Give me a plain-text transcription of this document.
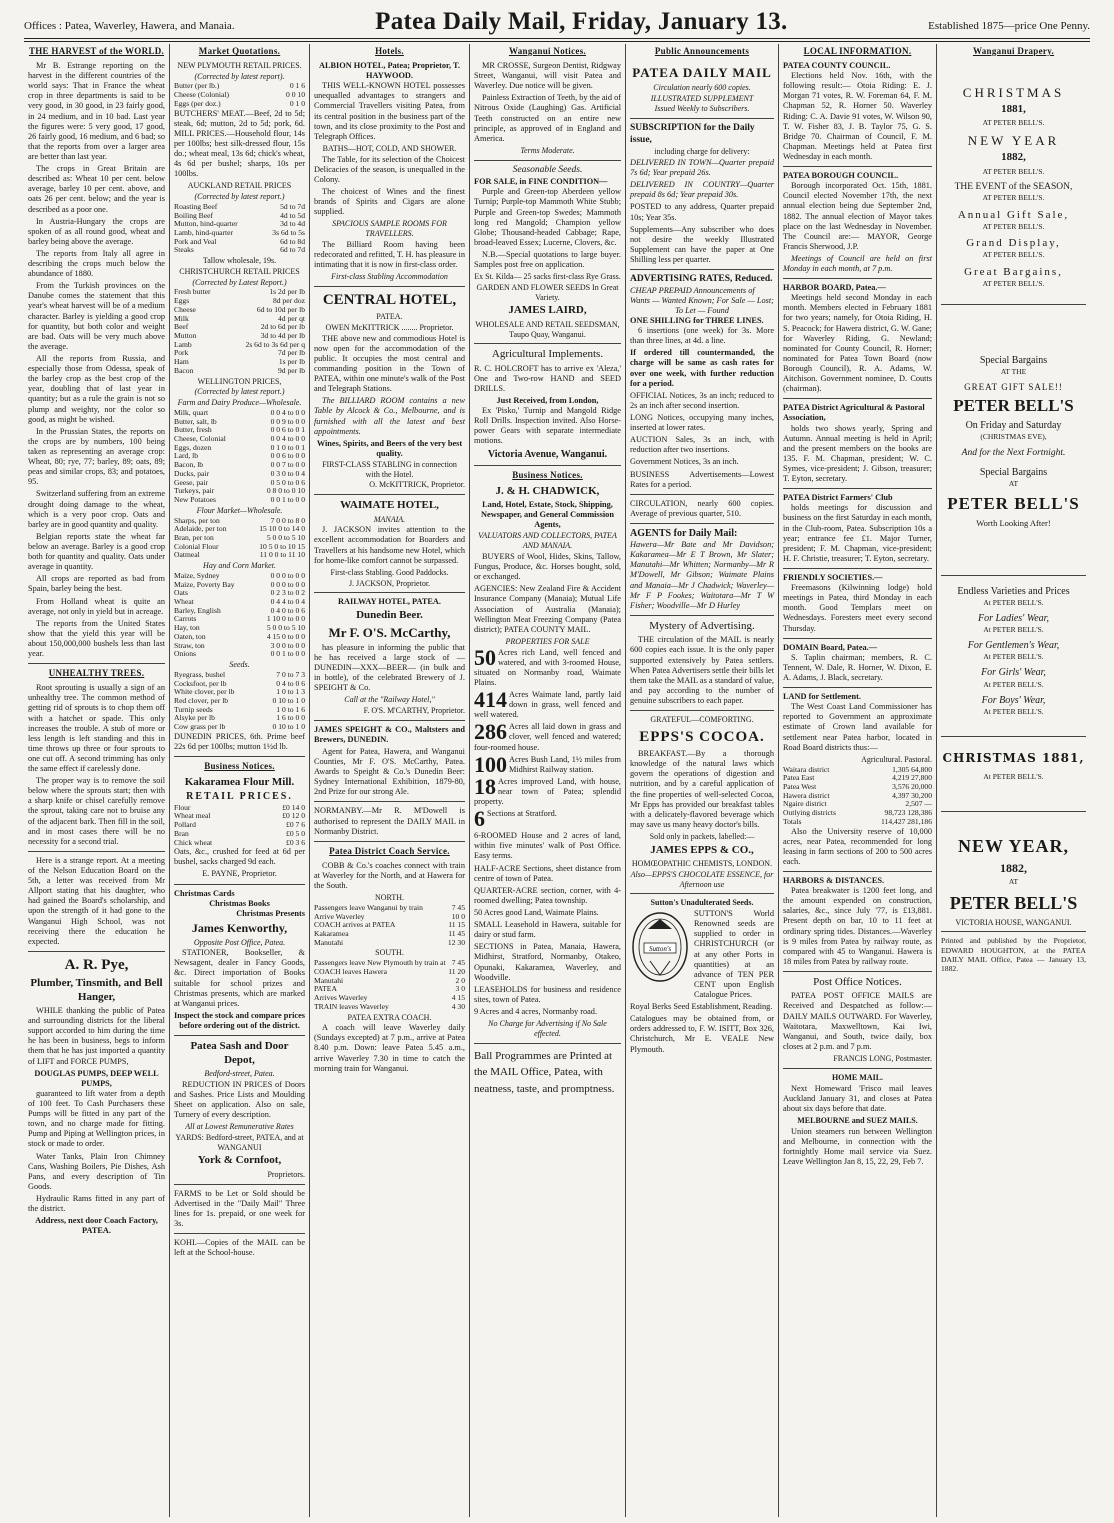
Offices : Patea, Waverley, Hawera, and Manaia.	Patea Daily Mail, Friday, January 13.	Established 1875—price One Penny.
THE HARVEST of the WORLD.

Mr B. Estrange reporting on the harvest in the different countries of the world says: That in France the wheat crop in three departments is said to be very good, in 30 good, in 23 fairly good, in 24 medium, and in 10 bad. Last year the figures were: 5 very good, 17 good, 26 fairly good, 16 medium, and 6 bad; so that the reports from over a larger area are better than last year.

The crops in Great Britain are described as: Wheat 10 per cent. below average, barley 10 per cent. above, and oats 26 per cent. below; and the year is described as a poor one.

In Austria-Hungary the crops are spoken of as all round good, wheat and barley being above the average.

The reports from Italy all agree in describing the crops much below the abundance of 1880.

From the Turkish provinces on the Danube comes the statement that this year's wheat harvest will be of a medium character. Barley is yielding a good crop for quantity, but both color and weight are bad. Oats will be very much above the average.

All the reports from Russia, and especially those from Odessa, speak of the barley crop as the best crop of the year, doubling that of last year in quantity; but as a rule the grain is not so plump and weighty, nor the color so good, as might be wished.

In the Prussian States, the reports on the crops are by numbers, 100 being taken as representing an average crop: Wheat, 80; rye, 77; barley, 89; oats, 89; peas and similar crops, 83; and potatoes, 95.

Switzerland suffering from an extreme drought doing damage to the wheat, which is a very poor crop. Oats and barley are in good quantity and quality.

Belgian reports state the wheat far below an average. Barley is a good crop both for quantity and quality. Oats under average in quantity.

All crops are reported as bad from Spain, barley being the best.

From Holland wheat is quite an average, not only in yield but in acreage.

The reports from the United States show that the yield this year will be about 150,000,000 bushels less than last year.

UNHEALTHY TREES.

Root sprouting is usually a sign of an unhealthy tree. The common method of getting rid of sprouts is to chop them off with a hatchet or spade. This only increases the trouble. A stub of more or less length is left standing and this in time throws up three or four sprouts to one cut off. A second trimming has only the same effect if carelessly done.

The proper way is to remove the soil below where the sprouts start; then with a sharp knife or chisel carefully remove the sprout, taking care not to bruise any of the adjacent bark. Then fill in the soil, and in most cases there will be no necessity for a second trial.

Here is a strange report. At a meeting of the Nelson Education Board on the 5th, a letter was received from Mr Allport stating that his daughter, who had gained the Board's scholarship, and upon the strength of it had gone to the Wanganui High School, was not receiving there the education he expected.

A. R. Pye,
Plumber, Tinsmith, and Bell Hanger,

WHILE thanking the public of Patea and surrounding districts for the liberal support accorded to him during the time he has been in business, begs to inform them that he has just imported a quantity of LIFT and FORCE PUMPS,

DOUGLAS PUMPS, DEEP WELL PUMPS,

guaranteed to lift water from a depth of 100 feet. To Cash Purchasers these Pumps will be fitted in any part of the town, and no charge made for fitting. Pump and Piping at Wellington prices, in stock or made to order.

Water Tanks, Plain Iron Chimney Cans, Washing Boilers, Pie Dishes, Ash Pans, and every description of Tin Goods.

Hydraulic Rams fitted in any part of the district.

Address, next door Coach Factory, PATEA.
Market Quotations.
NEW PLYMOUTH RETAIL PRICES.
(Corrected by latest report).
Butter (per lb.)	0 1 6
Cheese (Colonial)	0 0 10
Eggs (per doz.)	0 1 0

BUTCHERS' MEAT.—Beef, 2d to 5d; steak, 6d; mutton, 2d to 5d; pork, 6d. MILL PRICES.—Household flour, 14s per 100lbs; best silk-dressed flour, 15s do.; wheat meal, 13s 6d; chick's wheat, 4s 6d per bushel; sharps, 10s per 100lbs.

AUCKLAND RETAIL PRICES
(Corrected by latest report.)
Roasting Beef	5d to 7d
Boiling Beef	4d to 5d
Mutton, hind-quarter	3d to 4d
Lamb, hind-quarter	3s 6d to 5s
Pork and Veal	6d to 8d
Steaks	6d to 7d
Tallow wholesale, 19s.
CHRISTCHURCH RETAIL PRICES
(Corrected by Latest Report.)
Fresh butter	1s 2d per lb
Eggs	8d per doz
Cheese	6d to 10d per lb
Milk	4d per qt
Beef	2d to 6d per lb
Mutton	3d to 4d per lb
Lamb	2s 6d to 3s 6d per q
Pork	7d per lb
Ham	1s per lb
Bacon	9d per lb
WELLINGTON PRICES,
(Corrected by latest report.)
Farm and Dairy Produce—Wholesale.
Milk, quart	0 0 4 to 0 0
Butter, salt, lb	0 0 9 to 0 0
Butter, fresh	0 0 6 to 0 1
Cheese, Colonial	0 0 4 to 0 0
Eggs, dozen	0 1 0 to 0 1
Lard, lb	0 0 6 to 0 0
Bacon, lb	0 0 7 to 0 0
Ducks, pair	0 3 0 to 0 4
Geese, pair	0 5 0 to 0 6
Turkeys, pair	0 8 0 to 0 10
New Potatoes	0 0 1 to 0 0
Flour Market—Wholesale.
Sharps, per ton	7 0 0 to 8 0
Adelaide, per ton	15 10 0 to 14 0
Bran, per ton	5 0 0 to 5 10
Colonial Flour	10 5 0 to 10 15
Oatmeal	11 0 0 to 11 10
Hay and Corn Market.
Maize, Sydney	0 0 0 to 0 0
Maize, Poverty Bay	0 0 0 to 0 0
Oats	0 2 3 to 0 2
Wheat	0 4 4 to 0 4
Barley, English	0 4 0 to 0 6
Carrots	1 10 0 to 0 0
Hay, ton	5 0 0 to 5 10
Oaten, ton	4 15 0 to 0 0
Straw, ton	3 0 0 to 0 0
Onions	0 0 1 to 0 0
Seeds.
Ryegrass, bushel	7 0 to 7 3
Cocksfoot, per lb	0 4 to 0 6
White clover, per lb	1 0 to 1 3
Red clover, per lb	0 10 to 1 0
Turnip seeds	1 0 to 1 6
Alsyke per lb	1 6 to 0 0
Cow grass per lb	0 10 to 1 0

DUNEDIN PRICES, 6th. Prime beef 22s 6d per 100lbs; mutton 1½d lb.

Business Notices.
Kakaramea Flour Mill.
RETAIL PRICES.
Flour	£0 14 0
Wheat meal	£0 12 0
Pollard	£0 7 6
Bran	£0 5 0
Chick wheat	£0 3 6

Oats, &c., crushed for feed at 6d per bushel, sacks charged 9d each.

E. PAYNE, Proprietor.
Christmas Cards
Christmas Books
Christmas Presents
James Kenworthy,
Opposite Post Office, Patea.

STATIONER, Bookseller, & Newsagent, dealer in Fancy Goods, &c. Direct importation of Books suitable for school prizes and Christmas presents, which are marked at Wanganui prices.

Inspect the stock and compare prices before ordering out of the district.
Patea Sash and Door Depot,
Bedford-street, Patea.

REDUCTION IN PRICES of Doors and Sashes. Price Lists and Moulding Sheet on application. Also on sale, Turnery of every description.

All at Lowest Remunerative Rates
YARDS: Bedford-street, PATEA, and at WANGANUI
York & Cornfoot,
Proprietors.

FARMS to be Let or Sold should be Advertised in the "Daily Mail" Three lines for 1s. prepaid, or one week for 3s.

KOHI.—Copies of the MAIL can be left at the School-house.

Hotels.
ALBION HOTEL, Patea; Proprietor, T. HAYWOOD.

THIS WELL-KNOWN HOTEL possesses unequalled advantages to strangers and Commercial Travellers visiting Patea, from its central position in the business part of the town, and its close proximity to the Post and Telegraph Offices.

BATHS—HOT, COLD, AND SHOWER.

The Table, for its selection of the Choicest Delicacies of the season, is unequalled in the Colony.

The choicest of Wines and the finest brands of Spirits and Cigars are alone supplied.

SPACIOUS SAMPLE ROOMS FOR TRAVELLERS.

The Billiard Room having been redecorated and refitted, T. H. has pleasure in intimating that it is now in first-class order.

First-class Stabling Accommodation
CENTRAL HOTEL,
PATEA.
OWEN McKITTRICK ........ Proprietor.

THE above new and commodious Hotel is now open for the accommodation of the public. It occupies the most central and commanding position in the Town of PATEA, within one minute's walk of the Post and Telegraph Stations.

The BILLIARD ROOM contains a new Table by Alcock & Co., Melbourne, and is furnished with all the latest and best appointments.

Wines, Spirits, and Beers of the very best quality.
FIRST-CLASS STABLING in connection with the Hotel.
O. McKITTRICK, Proprietor.
WAIMATE HOTEL,
MANAIA.

J. JACKSON invites attention to the excellent accommodation for Boarders and Travellers at his handsome new Hotel, which for home-like comfort cannot be surpassed.

First-class Stabling. Good Paddocks.
J. JACKSON, Proprietor.
RAILWAY HOTEL, PATEA.
Dunedin Beer.
Mr F. O'S. McCarthy,

has pleasure in informing the public that he has received a large stock of —DUNEDIN—XXX—BEER— (in bulk and in bottle), of the celebrated Brewery of J. SPEIGHT & Co.

Call at the "Railway Hotel,"
F. O'S. M'CARTHY, Proprietor.

JAMES SPEIGHT & CO., Maltsters and Brewers, DUNEDIN.

Agent for Patea, Hawera, and Wanganui Counties, Mr F. O'S. McCarthy, Patea. Awards to Speight & Co.'s Dunedin Beer: Sydney International Exhibition, 1879-80, 2nd Prize for our strong Ale.

NORMANBY.—Mr R. M'Dowell is authorised to represent the DAILY MAIL in Normanby District.

Patea District Coach Service.

COBB & Co.'s coaches connect with train at Waverley for the North, and at Hawera for the South.

NORTH.
Passengers leave Wanganui by train	7 45
Arrive Waverley	10 0
COACH arrives at PATEA	11 15
Kakaramea	11 45
Manutahi	12 30
SOUTH.
Passengers leave New Plymouth by train at	7 45
COACH leaves Hawera	11 20
Manutahi	2 0
PATEA	3 0
Arrives Waverley	4 15
TRAIN leaves Waverley	4 30
PATEA EXTRA COACH.

A coach will leave Waverley daily (Sundays excepted) at 7 p.m., arrive at Patea 8.40 p.m. Down: leave Patea 5.45 a.m., arrive Waverley 7.30 in time to catch the morning train for Wanganui.

Wanganui Notices.

MR CROSSE, Surgeon Dentist, Ridgway Street, Wanganui, will visit Patea and Waverley. Due notice will be given.

Painless Extraction of Teeth, by the aid of Nitrous Oxide (Laughing) Gas. Artificial Teeth constructed on an entire new principle, as approved of in England and America.

Terms Moderate.
Seasonable Seeds.
FOR SALE, in FINE CONDITION—

Purple and Green-top Aberdeen yellow Turnip; Purple-top Mammoth White Stubb; Purple and Green-top Swedes; Mammoth long red Mangold; Champion yellow Globe; Thousand-headed Cabbage; Rape, broad-leaved Essex; Lucerne, Clovers, &c.

N.B.—Special quotations to large buyer. Samples post free on application.

Ex St. Kilda— 25 sacks first-class Rye Grass.
GARDEN AND FLOWER SEEDS In Great Variety.
JAMES LAIRD,
WHOLESALE AND RETAIL SEEDSMAN, Taupo Quay, Wanganui.
Agricultural Implements.

R. C. HOLCROFT has to arrive ex 'Aleza,' One and Two-row HAND and SEED DRILLS.

Just Received, from London,

Ex 'Pisko,' Turnip and Mangold Ridge Roll Drills. Inspection invited. Also Horse-power Gears with separate intermediate motions.

Victoria Avenue, Wanganui.
Business Notices.
J. & H. CHADWICK,
Land, Hotel, Estate, Stock, Shipping, Newspaper, and General Commission Agents,
VALUATORS AND COLLECTORS, PATEA AND MANAIA.

BUYERS of Wool, Hides, Skins, Tallow, Fungus, Produce, &c. Horses bought, sold, or exchanged.

AGENCIES: New Zealand Fire & Accident Insurance Company (Manaia); Mutual Life Association of Australia (Manaia); Wellington Meat Freezing Company (Patea district); PATEA COUNTY MAIL.

PROPERTIES FOR SALE

50 Acres rich Land, well fenced and watered, and with 3-roomed House, situated on Normanby road, Waimate Plains.

414 Acres Waimate land, partly laid down in grass, well fenced and well watered.

286 Acres all laid down in grass and clover, well fenced and watered; four-roomed house.

100 Acres Bush Land, 1½ miles from Midhirst Railway station.

18 Acres improved Land, with house, near town of Patea; splendid property.

6 Sections at Stratford.

6-ROOMED House and 2 acres of land, within five minutes' walk of Post Office. Easy terms.

HALF-ACRE Sections, sheet distance from centre of town of Patea.

QUARTER-ACRE section, corner, with 4-roomed dwelling; Patea township.

50 Acres good Land, Waimate Plains.

SMALL Leasehold in Hawera, suitable for dairy or stud farm.

SECTIONS in Patea, Manaia, Hawera, Midhirst, Stratford, Normanby, Otakeo, Opunaki, Kakaramea, Waverley, and Woodville.

LEASEHOLDS for business and residence sites, town of Patea.

9 Acres and 4 acres, Normanby road.

No Charge for Advertising if No Sale effected.
Ball Programmes are Printed at the MAIL Office, Patea, with neatness, taste, and promptness.
Public Announcements
PATEA DAILY MAIL
Circulation nearly 600 copies.
ILLUSTRATED SUPPLEMENT
Issued Weekly to Subscribers.
SUBSCRIPTION for the Daily issue,
including charge for delivery:

DELIVERED IN TOWN—Quarter prepaid 7s 6d; Year prepaid 26s.

DELIVERED IN COUNTRY—Quarter prepaid 8s 6d; Year prepaid 30s.

POSTED to any address, Quarter prepaid 10s; Year 35s.

Supplements—Any subscriber who does not desire the weekly Illustrated Supplement can have the paper at One Shilling less per quarter.

ADVERTISING RATES, Reduced.
CHEAP PREPAID Announcements of
Wants — Wanted Known; For Sale — Lost; To Let — Found
ONE SHILLING for THREE LINES.

6 insertions (one week) for 3s. More than three lines, at 4d. a line.

If ordered till countermanded, the charge will be same as cash rates for over one week, with further reduction for a period.

OFFICIAL Notices, 3s an inch; reduced to 2s an inch after second insertion.

LONG Notices, occupying many inches, inserted at lower rates.

AUCTION Sales, 3s an inch, with reduction after two insertions.

Government Notices, 3s an inch.

BUSINESS Advertisements—Lowest Rates for a period.

CIRCULATION, nearly 600 copies. Average of previous quarter, 510.

AGENTS for Daily Mail:

Hawera—Mr Bate and Mr Davidson; Kakaramea—Mr E T Brown, Mr Slater; Manutahi—Mr Whitten; Normanby—Mr R M'Dowell, Mr Gibson; Waimate Plains and Manaia—Mr J Chadwick; Waverley—Mr F P Fookes; Waitotara—Mr T W Fisher; Woodville—Mr D Hurley

Mystery of Advertising.

THE circulation of the MAIL is nearly 600 copies each issue. It is the only paper supported extensively by Patea settlers. When Patea Advertisers settle their bills let them take the MAIL as a standard of value, and pay according to the number of genuine subscribers to each paper.

GRATEFUL—COMFORTING.
EPPS'S COCOA.

BREAKFAST.—By a thorough knowledge of the natural laws which govern the operations of digestion and nutrition, and by a careful application of the fine properties of well-selected Cocoa, Mr Epps has provided our breakfast tables with a delicately-flavored beverage which may save us many heavy doctor's bills.

Sold only in packets, labelled:—
JAMES EPPS & CO.,
HOMŒOPATHIC CHEMISTS, LONDON.
Also—EPPS'S CHOCOLATE ESSENCE, for Afternoon use
Sutton's Unadulterated Seeds.
Sutton's

SUTTON'S World Renowned seeds are supplied to order in CHRISTCHURCH (or at any other Ports in quantities) at an advance of TEN PER CENT upon English Catalogue Prices.

Royal Berks Seed Establishment, Reading.

Catalogues may be obtained from, or orders addressed to, F. W. ISITT, Box 326, Christchurch, Mr E. VEALE New Plymouth.

LOCAL INFORMATION.
PATEA COUNTY COUNCIL.

Elections held Nov. 16th, with the following result:— Otoia Riding: E. J. Morgan 71 votes, R. W. Foreman 64, F. M. Chapman 52, R. Horner 50. Waverley Riding: C. A. Davie 91 votes, W. Wilson 90, T. W. Fisher 83, J. B. Taylor 75, G. S. Bridge 70. Chairman of Council, F. M. Chapman. Meetings held at Patea first Wednesday in each month.

PATEA BOROUGH COUNCIL.

Borough incorporated Oct. 15th, 1881. Council elected November 17th, the next annual election being due September 2nd, 1882. The annual election of Mayor takes place on the last Wednesday in November. The Council are:— MAYOR, George Francis Sherwood, J.P.

Meetings of Council are held on first Monday in each month, at 7 p.m.

HARBOR BOARD, Patea.—

Meetings held second Monday in each month. Members elected in February 1881 for two years; namely, for Otoia Riding, H. S. Peacock; for Hawera district, G. W. Gane; for Waverley Riding, G. Newland; nominated for County Council, R. Horner; nominated for Patea Town Board (now Borough Council), R. A. Adams, W. Aitchison. Government nominee, D. Coutts (chairman).

PATEA District Agricultural & Pastoral Association,

holds two shows yearly, Spring and Autumn. Annual meeting is held in April; and the present members on the books are 135. F. M. Chapman, president; W. C. Symes, vice-president; J. Gibson, treasurer; T. Eyton, secretary.

PATEA District Farmers' Club

holds meetings for discussion and business on the first Saturday in each month, in the Club-room, Patea. Subscription 10s a year; entrance fee £1. Major Turner, president; F. M. Chapman, vice-president; H. F. Christie, treasurer; T. Eyton, secretary.

FRIENDLY SOCIETIES.—

Freemasons (Kilwinning lodge) hold meetings in Patea, third Monday in each month. Good Templars meet on Wednesdays. Foresters meet every second Thursday.

DOMAIN Board, Patea.—

S. Taplin chairman; members, R. C. Tennent, W. Dale, R. Horner, W. Dixon, E. A. Adams, J. Black, secretary.

LAND for Settlement.

The West Coast Land Commissioner has reported to Government an approximate estimate of Crown land available for settlement near Patea harbor, located in Road Board districts thus:—

Agricultural. Pastoral.
Waitara district	1,305 64,800
Patea East	4,219 27,800
Patea West	3,576 20,000
Hawera district	4,397 30,200
Ngaire district	2,507 —
Outlying districts	98,723 128,386
Totals	114,427 281,186

Also the University reserve of 10,000 acres, near Patea, recommended for long leasing in farm sections of 200 to 500 acres each.

HARBORS & DISTANCES.

Patea breakwater is 1200 feet long, and the amount expended on construction, salaries, &c., since July '77, is £13,881. Present depth on bar, 10 to 11 feet at ordinary spring tides. Distances.—Waverley is 9 miles from Patea by railway route, as compared with 45 to Wanganui. Hawera is 18 miles from Patea by railway route.

Post Office Notices.

PATEA POST OFFICE MAILS are Received and Despatched as follow:— DAILY MAILS OUTWARD. For Waverley, Waitotara, Maxwelltown, Kai Iwi, Wanganui, and South, twice daily, box closes at 2 p.m. and 7 p.m.

FRANCIS LONG, Postmaster.
HOME MAIL.

Next Homeward 'Frisco mail leaves Auckland January 31, and closes at Patea about six days before that date.

MELBOURNE and SUEZ MAILS.

Union steamers run between Wellington and Melbourne, in connection with the fortnightly Home mail service via Suez. Leave Wellington Jan 8, 15, 22, 29, Feb 7.

Wanganui Drapery.
CHRISTMAS
1881,
AT PETER BELL'S.
NEW YEAR
1882,
AT PETER BELL'S.
THE EVENT of the SEASON,
AT PETER BELL'S.
Annual Gift Sale,
AT PETER BELL'S.
Grand Display,
AT PETER BELL'S.
Great Bargains,
AT PETER BELL'S.
Special Bargains
AT THE
GREAT GIFT SALE!!
PETER BELL'S
On Friday and Saturday
(CHRISTMAS EVE),
And for the Next Fortnight.
Special Bargains
AT
PETER BELL'S
Worth Looking After!
Endless Varieties and Prices
At PETER BELL'S.
For Ladies' Wear,
At PETER BELL'S.
For Gentlemen's Wear,
At PETER BELL'S.
For Girls' Wear,
At PETER BELL'S.
For Boys' Wear,
At PETER BELL'S.
CHRISTMAS 1881,
At PETER BELL'S.
NEW YEAR,
1882,
AT
PETER BELL'S
VICTORIA HOUSE, WANGANUI.

Printed and published by the Proprietor, EDWARD HOUGHTON, at the PATEA DAILY MAIL Office, Patea — January 13, 1882.
